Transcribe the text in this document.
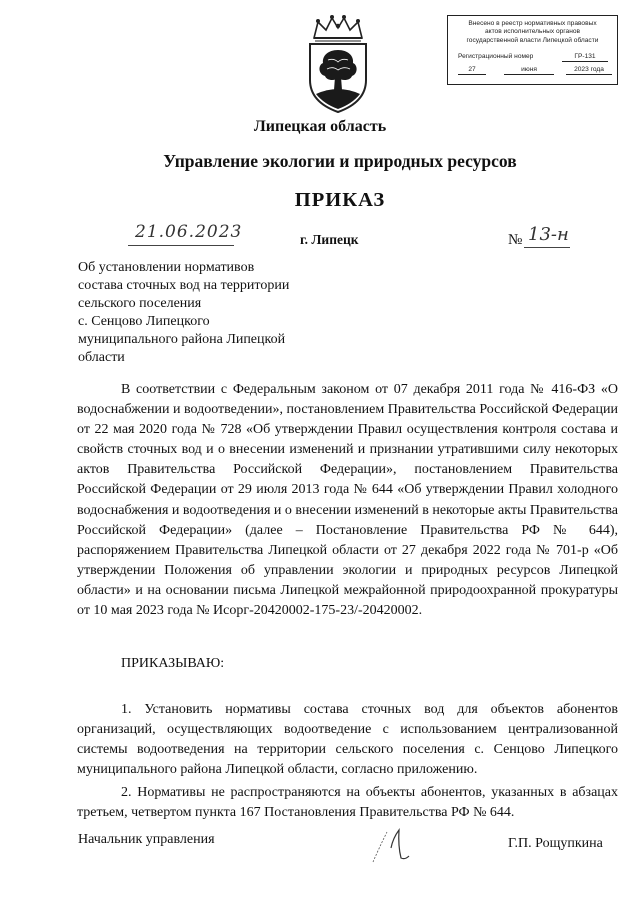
Внесено в реестр нормативных правовых
актов исполнительных органов
государственной власти Липецкой области
Регистрационный номер	ГР-131
27	июня	2023 года
Липецкая область
Управление экологии и природных ресурсов
ПРИКАЗ
21.06.2023	г. Липецк	№ 13-н
Об установлении нормативов
состава сточных вод на территории
сельского поселения
с. Сенцово Липецкого
муниципального района Липецкой
области

В соответствии с Федеральным законом от 07 декабря 2011 года № 416-ФЗ «О водоснабжении и водоотведении», постановлением Правительства Российской Федерации от 22 мая 2020 года № 728 «Об утверждении Правил осуществления контроля состава и свойств сточных вод и о внесении изменений и признании утратившими силу некоторых актов Правительства Российской Федерации», постановлением Правительства Российской Федерации от 29 июля 2013 года № 644 «Об утверждении Правил холодного водоснабжения и водоотведения и о внесении изменений в некоторые акты Правительства Российской Федерации» (далее – Постановление Правительства РФ № 644), распоряжением Правительства Липецкой области от 27 декабря 2022 года № 701-р «Об утверждении Положения об управлении экологии и природных ресурсов Липецкой области» и на основании письма Липецкой межрайонной природоохранной прокуратуры от 10 мая 2023 года № Исорг-20420002-175-23/-20420002.

ПРИКАЗЫВАЮ:

1. Установить нормативы состава сточных вод для объектов абонентов организаций, осуществляющих водоотведение с использованием централизованной системы водоотведения на территории сельского поселения с. Сенцово Липецкого муниципального района Липецкой области, согласно приложению.

2. Нормативы не распространяются на объекты абонентов, указанных в абзацах третьем, четвертом пункта 167 Постановления Правительства РФ № 644.

Начальник управления	Г.П. Рощупкина
